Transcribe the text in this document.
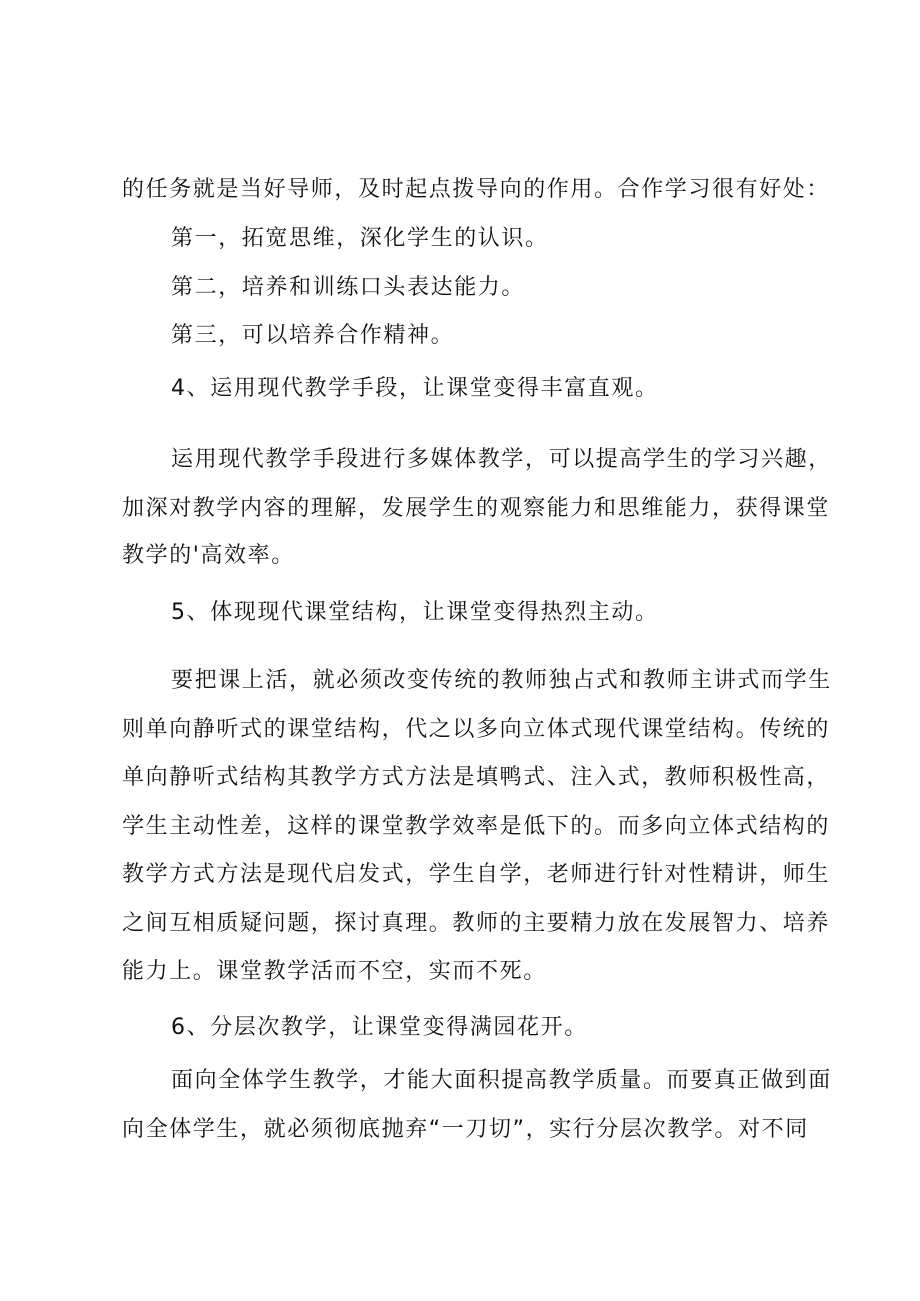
的任务就是当好导师，及时起点拨导向的作用。合作学习很有好处：
第一，拓宽思维，深化学生的认识。
第二，培养和训练口头表达能力。
第三，可以培养合作精神。
4、运用现代教学手段，让课堂变得丰富直观。
运用现代教学手段进行多媒体教学，可以提高学生的学习兴趣，
加深对教学内容的理解，发展学生的观察能力和思维能力，获得课堂
教学的'高效率。
5、体现现代课堂结构，让课堂变得热烈主动。
要把课上活，就必须改变传统的教师独占式和教师主讲式而学生
则单向静听式的课堂结构，代之以多向立体式现代课堂结构。传统的
单向静听式结构其教学方式方法是填鸭式、注入式，教师积极性高，
学生主动性差，这样的课堂教学效率是低下的。而多向立体式结构的
教学方式方法是现代启发式，学生自学，老师进行针对性精讲，师生
之间互相质疑问题，探讨真理。教师的主要精力放在发展智力、培养
能力上。课堂教学活而不空，实而不死。
6、分层次教学，让课堂变得满园花开。
面向全体学生教学，才能大面积提高教学质量。而要真正做到面
向全体学生，就必须彻底抛弃“一刀切”，实行分层次教学。对不同
